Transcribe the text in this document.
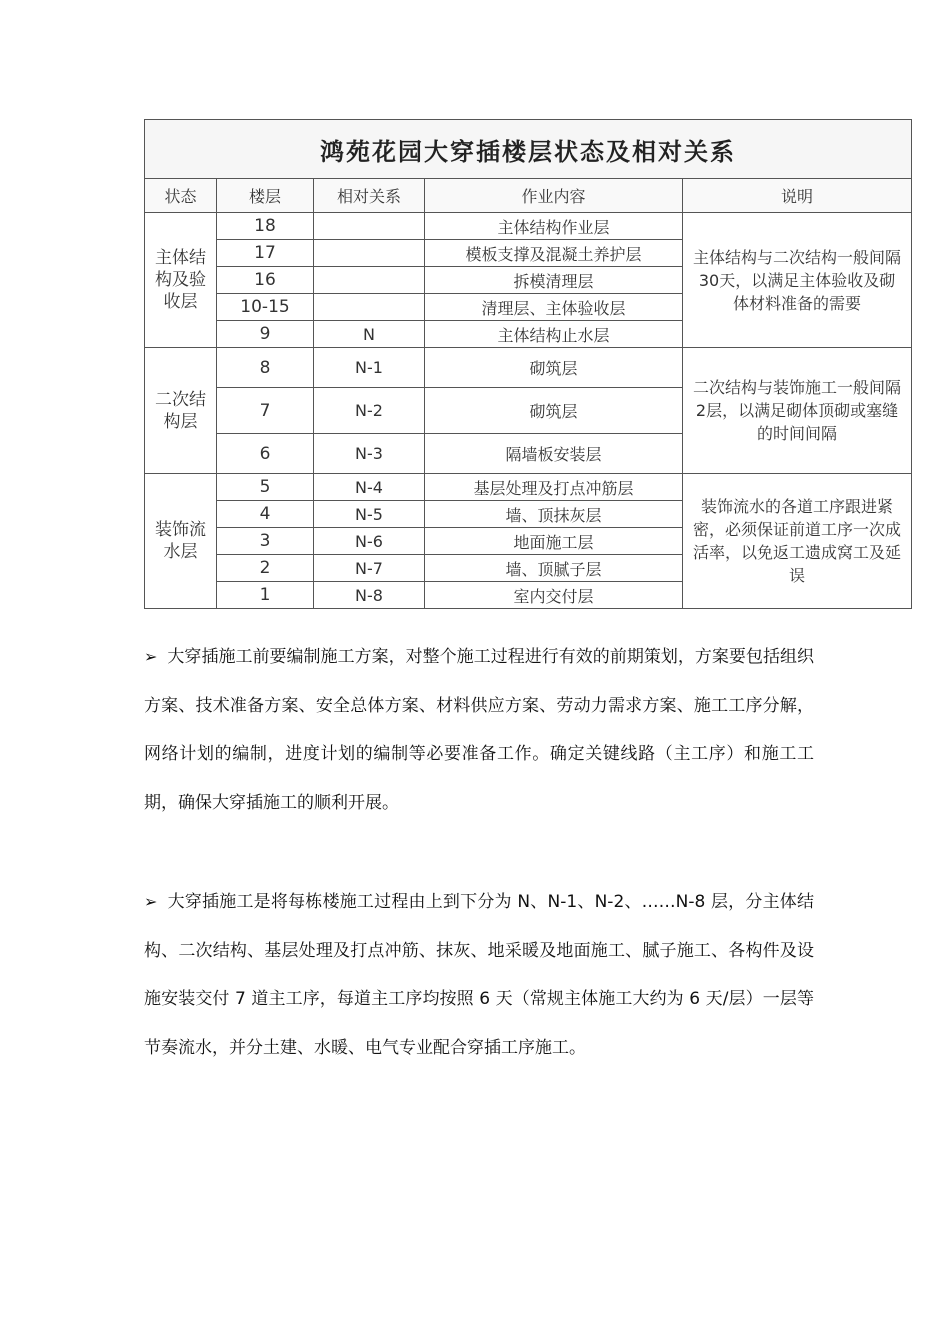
鸿苑花园大穿插楼层状态及相对关系				
状态	楼层	相对关系	作业内容	说明
主体结构及验收层	18		主体结构作业层	主体结构与二次结构一般间隔30天，以满足主体验收及砌体材料准备的需要
	17		模板支撑及混凝土养护层	
	16		拆模清理层	
	10-15		清理层、主体验收层	
	9	N	主体结构止水层	
二次结构层	8	N-1	砌筑层	二次结构与装饰施工一般间隔2层，以满足砌体顶砌或塞缝的时间间隔
	7	N-2	砌筑层	
	6	N-3	隔墙板安装层	
装饰流水层	5	N-4	基层处理及打点冲筋层	装饰流水的各道工序跟进紧密，必须保证前道工序一次成活率，以免返工遗成窝工及延误
	4	N-5	墙、顶抹灰层	
	3	N-6	地面施工层	
	2	N-7	墙、顶腻子层	
	1	N-8	室内交付层	
➢ 大穿插施工前要编制施工方案，对整个施工过程进行有效的前期策划，方案要包括组织方案、技术准备方案、安全总体方案、材料供应方案、劳动力需求方案、施工工序分解，网络计划的编制，进度计划的编制等必要准备工作。确定关键线路（主工序）和施工工期，确保大穿插施工的顺利开展。
➢ 大穿插施工是将每栋楼施工过程由上到下分为 N、N-1、N-2、……N-8 层，分主体结构、二次结构、基层处理及打点冲筋、抹灰、地采暖及地面施工、腻子施工、各构件及设施安装交付 7 道主工序，每道主工序均按照 6 天（常规主体施工大约为 6 天/层）一层等节奏流水，并分土建、水暖、电气专业配合穿插工序施工。
